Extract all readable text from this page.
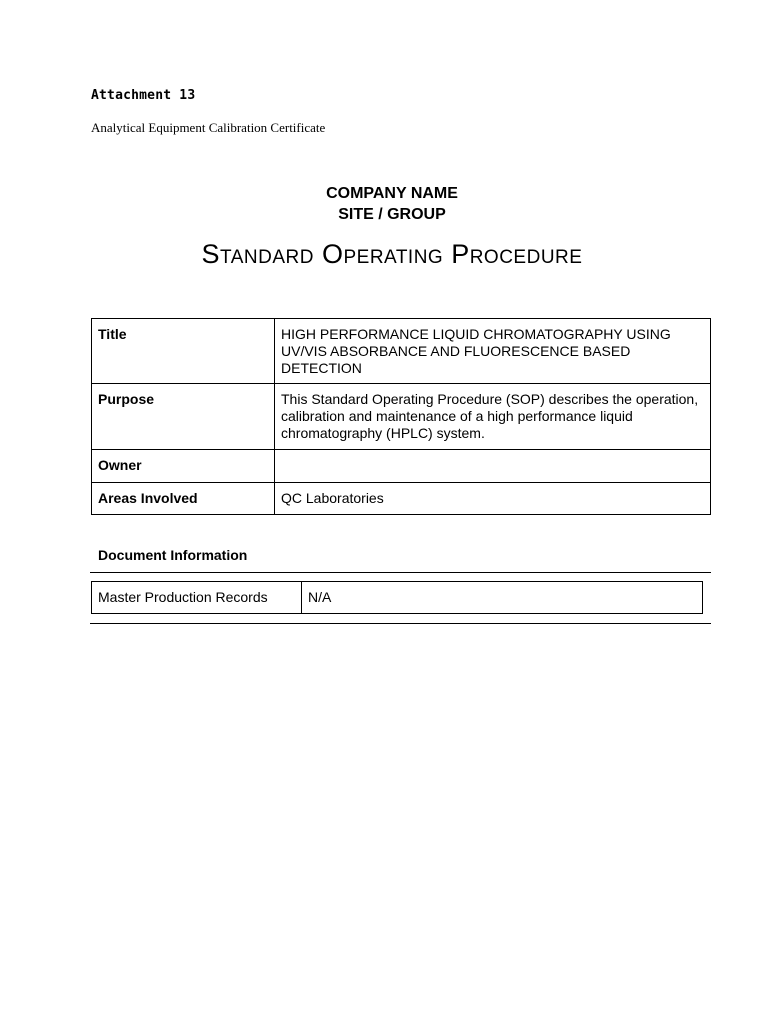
Attachment 13
Analytical Equipment Calibration Certificate
COMPANY NAME
SITE / GROUP
Standard Operating Procedure
Title	HIGH PERFORMANCE LIQUID CHROMATOGRAPHY USING UV/VIS ABSORBANCE AND FLUORESCENCE BASED DETECTION
Purpose	This Standard Operating Procedure (SOP) describes the operation, calibration and maintenance of a high performance liquid chromatography (HPLC) system.
Owner	
Areas Involved	QC Laboratories
Document Information
Master Production Records	N/A
